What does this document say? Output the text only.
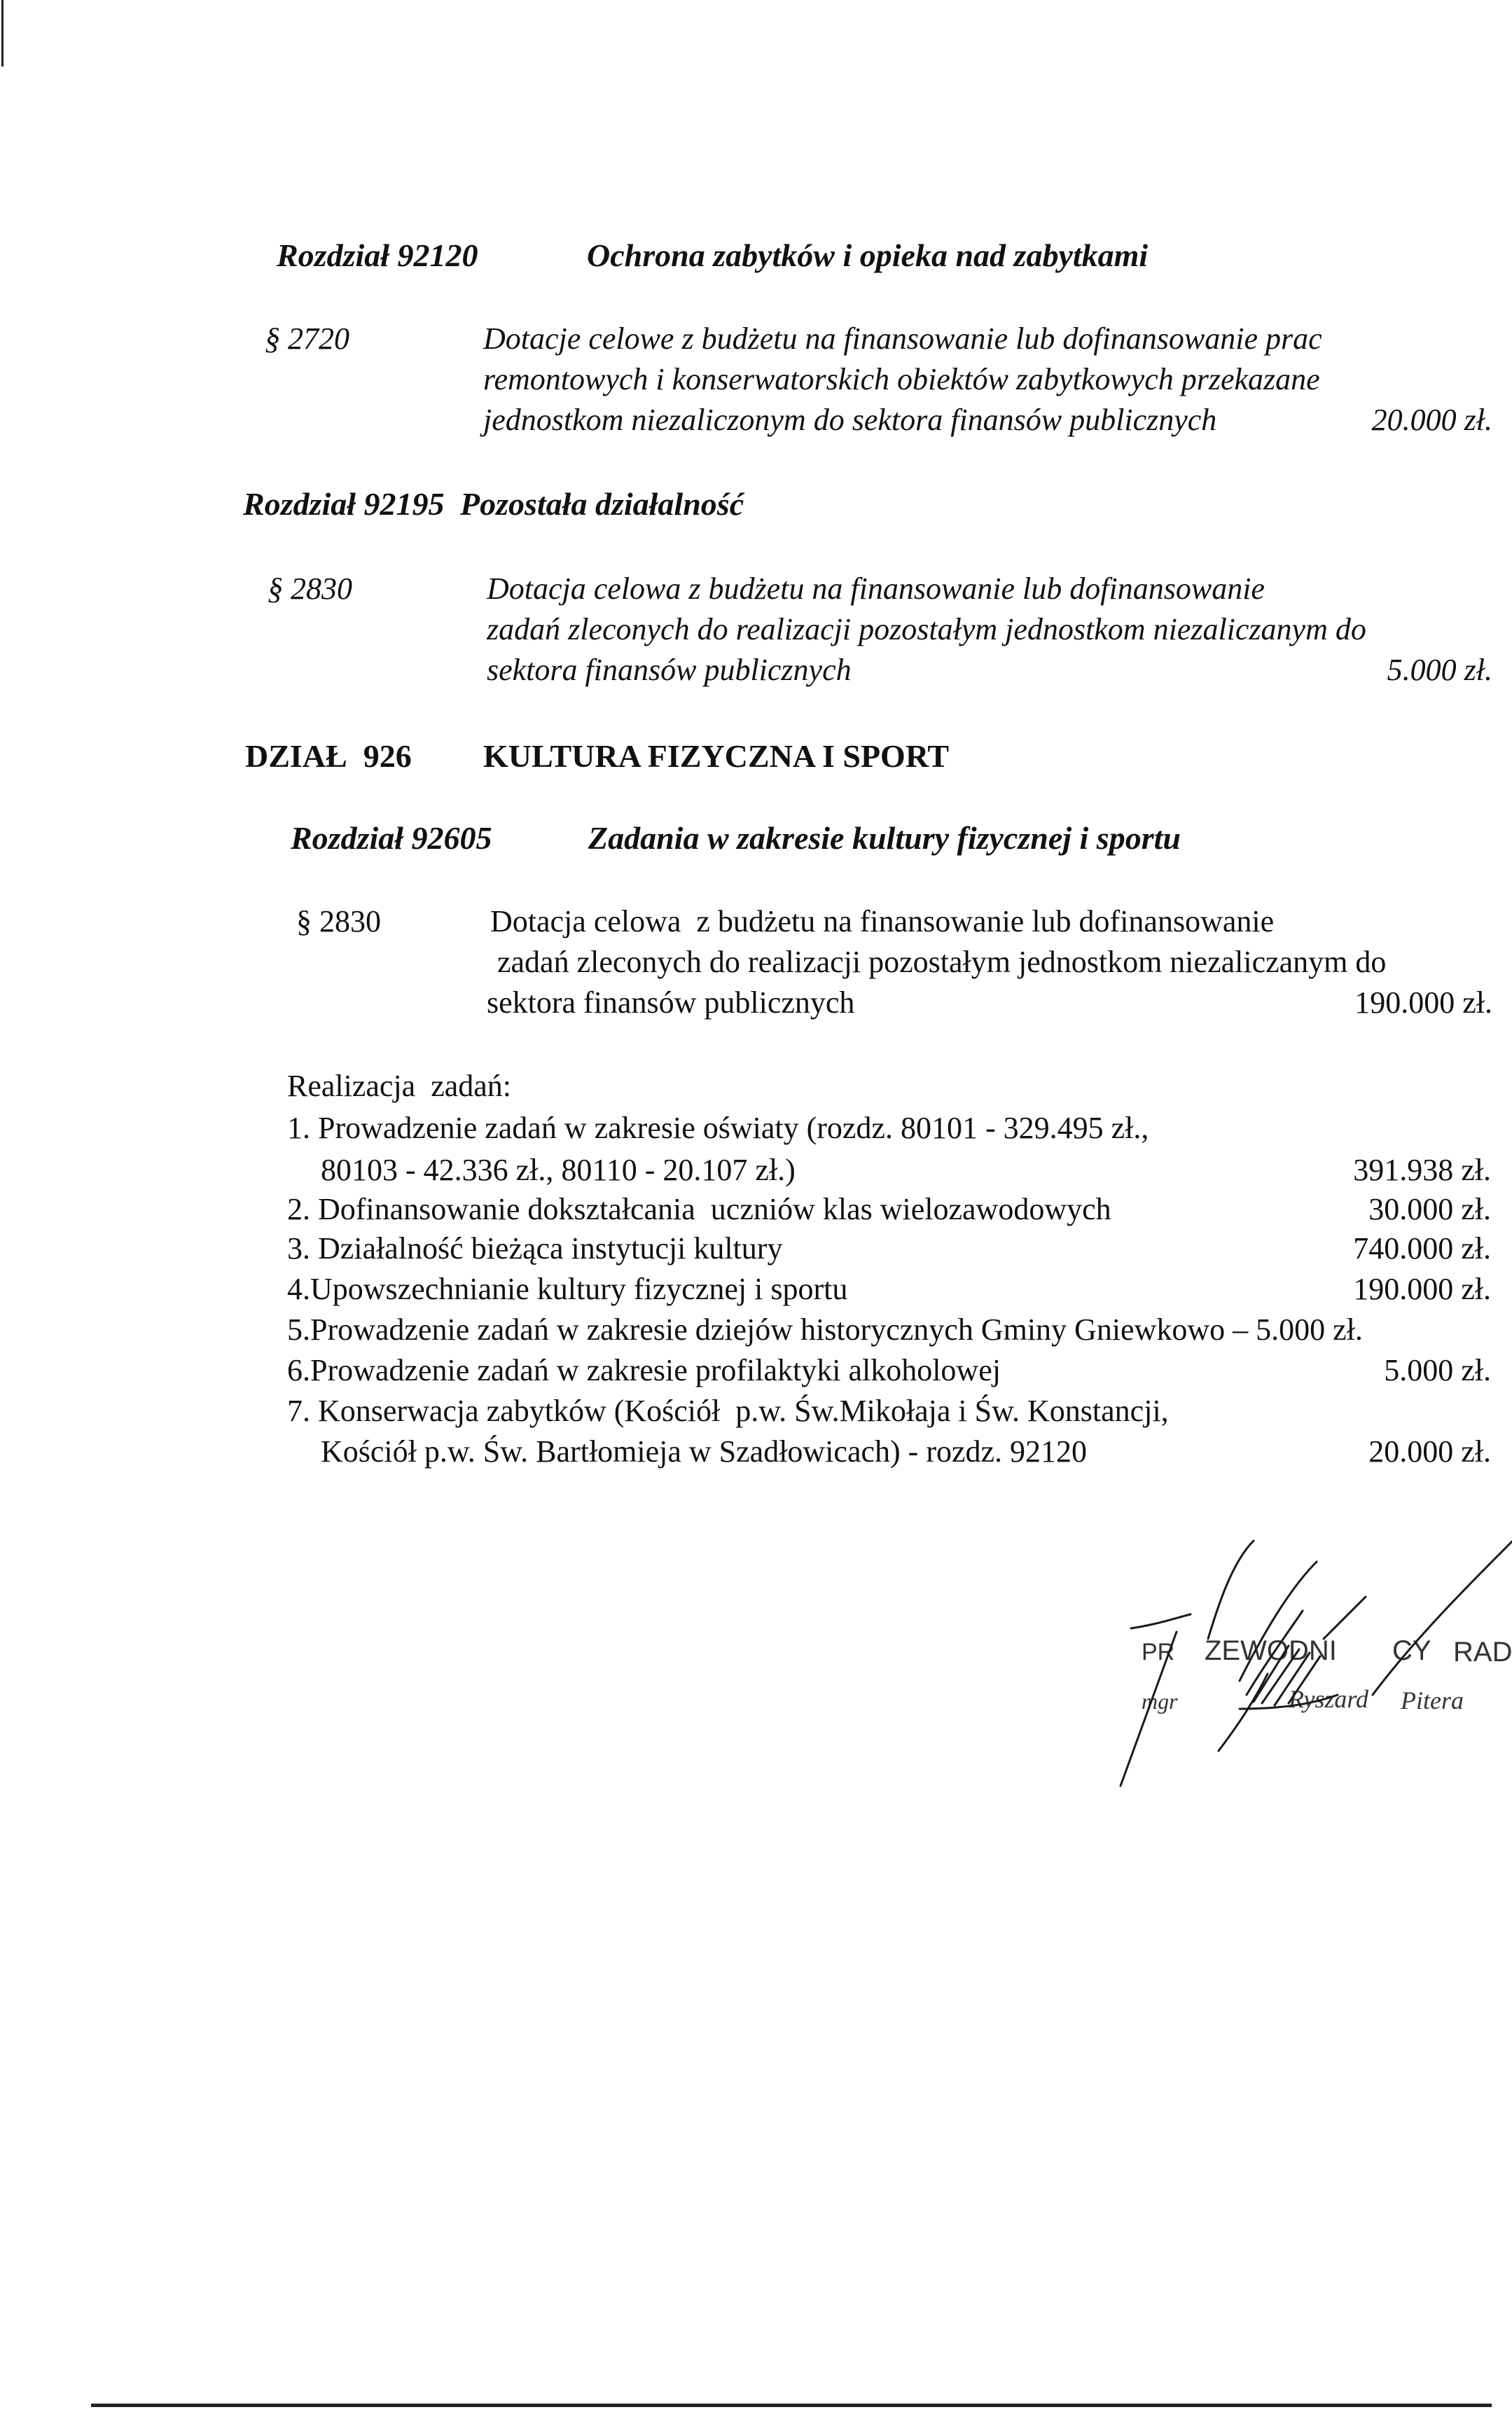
Rozdział 92120	Ochrona zabytków i opieka nad zabytkami
§ 2720	Dotacje celowe z budżetu na finansowanie lub dofinansowanie prac
remontowych i konserwatorskich obiektów zabytkowych przekazane
jednostkom niezaliczonym do sektora finansów publicznych	20.000 zł.
Rozdział 92195 Pozostała działalność
§ 2830	Dotacja celowa z budżetu na finansowanie lub dofinansowanie
zadań zleconych do realizacji pozostałym jednostkom niezaliczanym do
sektora finansów publicznych	5.000 zł.
DZIAŁ  926 KULTURA FIZYCZNA I SPORT
Rozdział 92605	Zadania w zakresie kultury fizycznej i sportu
§ 2830	Dotacja celowa  z budżetu na finansowanie lub dofinansowanie
zadań zleconych do realizacji pozostałym jednostkom niezaliczanym do
sektora finansów publicznych	190.000 zł.
Realizacja  zadań:
1. Prowadzenie zadań w zakresie oświaty (rozdz. 80101 - 329.495 zł.,
80103 - 42.336 zł., 80110 - 20.107 zł.)	391.938 zł.
2. Dofinansowanie dokształcania  uczniów klas wielozawodowych	30.000 zł.
3. Działalność bieżąca instytucji kultury	740.000 zł.
4.Upowszechnianie kultury fizycznej i sportu	190.000 zł.
5.Prowadzenie zadań w zakresie dziejów historycznych Gminy Gniewkowo – 5.000 zł.
6.Prowadzenie zadań w zakresie profilaktyki alkoholowej	5.000 zł.
7. Konserwacja zabytków (Kościół  p.w. Św.Mikołaja i Św. Konstancji,
Kościół p.w. Św. Bartłomieja w Szadłowicach) - rozdz. 92120	20.000 zł.
PR ZEWODNI CY RAD
mgr	Ryszard Pitera
